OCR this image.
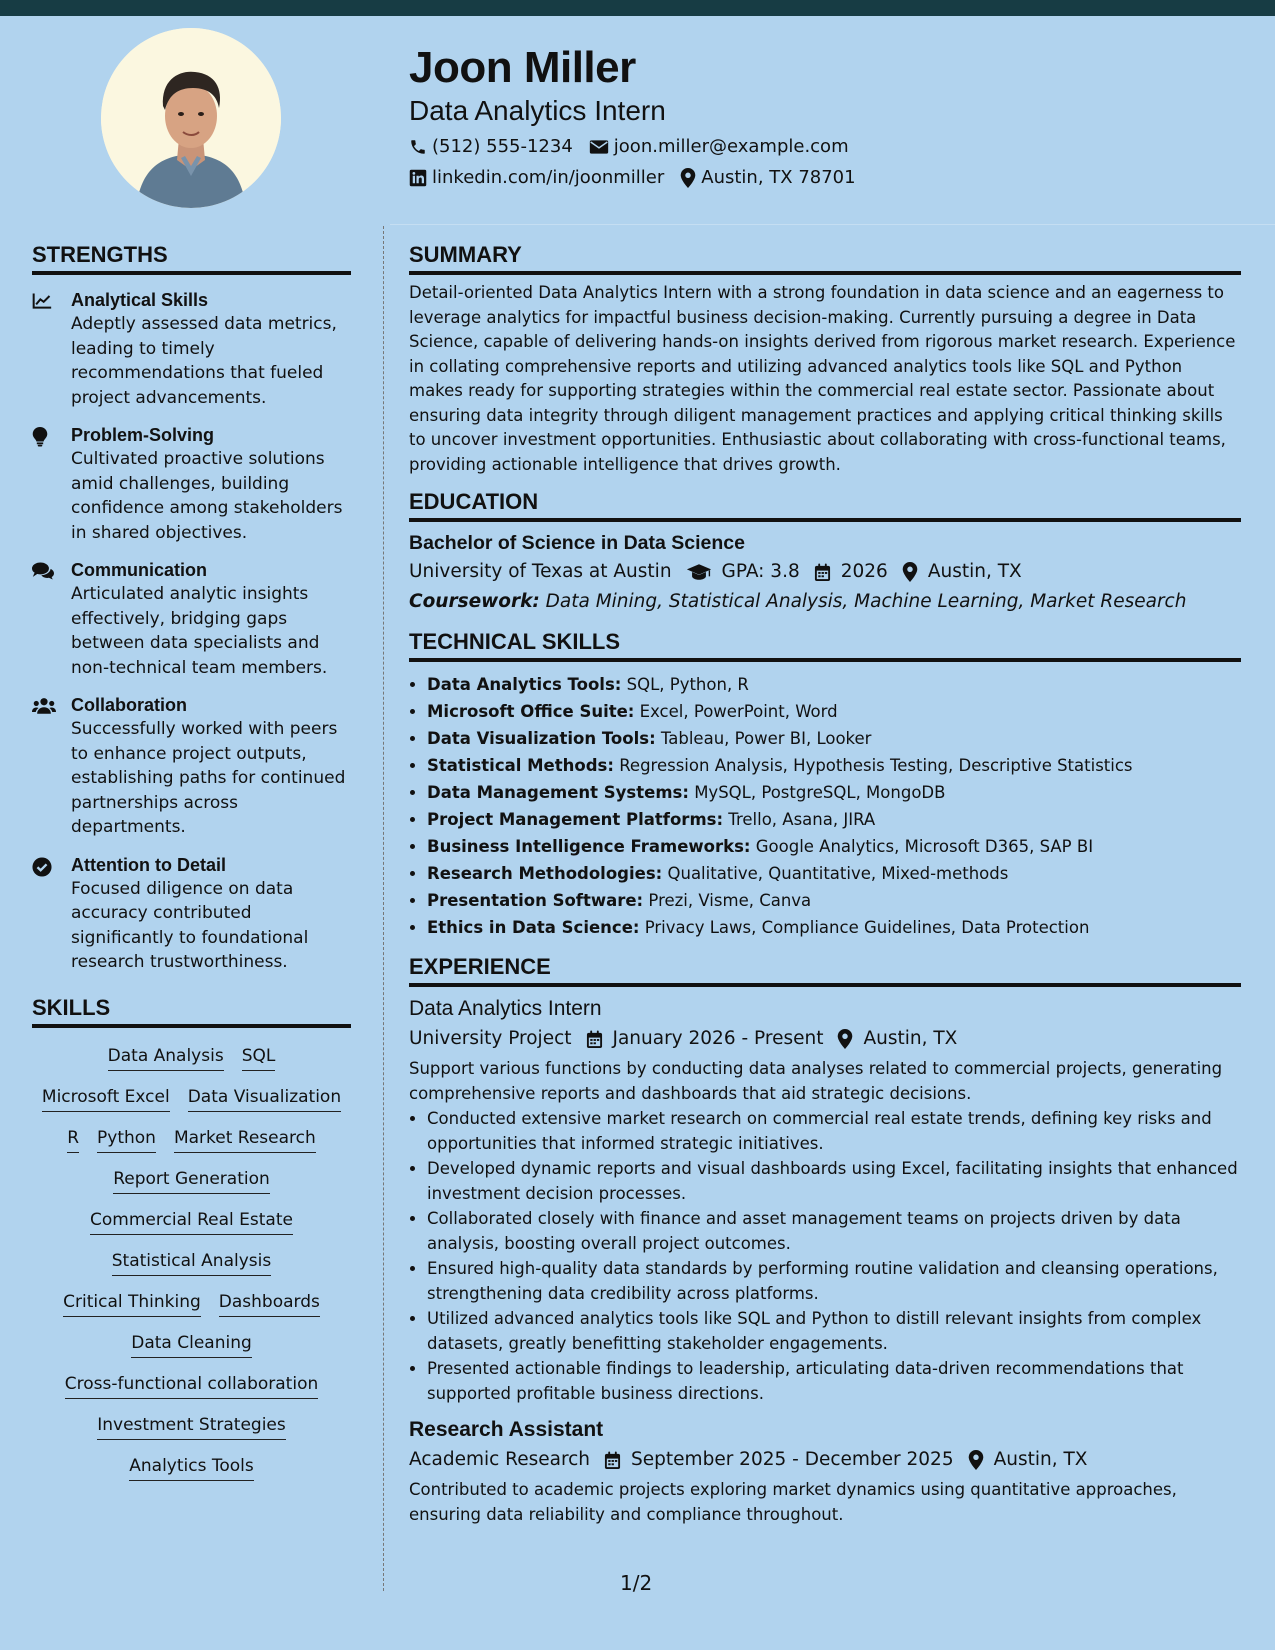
Joon Miller
Data Analytics Intern
(512) 555-1234 joon.miller@example.com
linkedin.com/in/joonmiller Austin, TX 78701
STRENGTHS
Analytical Skills
Adeptly assessed data metrics, leading to timely recommendations that fueled project advancements.
Problem-Solving
Cultivated proactive solutions amid challenges, building confidence among stakeholders in shared objectives.
Communication
Articulated analytic insights effectively, bridging gaps between data specialists and non-technical team members.
Collaboration
Successfully worked with peers to enhance project outputs, establishing paths for continued partnerships across departments.
Attention to Detail
Focused diligence on data accuracy contributed significantly to foundational research trustworthiness.
SKILLS
Data Analysis SQL
Microsoft Excel Data Visualization
R Python Market Research
Report Generation
Commercial Real Estate
Statistical Analysis
Critical Thinking Dashboards
Data Cleaning
Cross-functional collaboration
Investment Strategies
Analytics Tools
SUMMARY
Detail-oriented Data Analytics Intern with a strong foundation in data science and an eagerness to leverage analytics for impactful business decision-making. Currently pursuing a degree in Data Science, capable of delivering hands-on insights derived from rigorous market research. Experience in collating comprehensive reports and utilizing advanced analytics tools like SQL and Python makes ready for supporting strategies within the commercial real estate sector. Passionate about ensuring data integrity through diligent management practices and applying critical thinking skills to uncover investment opportunities. Enthusiastic about collaborating with cross-functional teams, providing actionable intelligence that drives growth.
EDUCATION
Bachelor of Science in Data Science
University of Texas at Austin	GPA: 3.8 2026 Austin, TX
Coursework: Data Mining, Statistical Analysis, Machine Learning, Market Research
TECHNICAL SKILLS
• Data Analytics Tools: SQL, Python, R
• Microsoft Office Suite: Excel, PowerPoint, Word
• Data Visualization Tools: Tableau, Power BI, Looker
• Statistical Methods: Regression Analysis, Hypothesis Testing, Descriptive Statistics
• Data Management Systems: MySQL, PostgreSQL, MongoDB
• Project Management Platforms: Trello, Asana, JIRA
• Business Intelligence Frameworks: Google Analytics, Microsoft D365, SAP BI
• Research Methodologies: Qualitative, Quantitative, Mixed-methods
• Presentation Software: Prezi, Visme, Canva
• Ethics in Data Science: Privacy Laws, Compliance Guidelines, Data Protection
EXPERIENCE
Data Analytics Intern
University Project January 2026 - Present Austin, TX
Support various functions by conducting data analyses related to commercial projects, generating comprehensive reports and dashboards that aid strategic decisions.
• Conducted extensive market research on commercial real estate trends, defining key risks and opportunities that informed strategic initiatives.
• Developed dynamic reports and visual dashboards using Excel, facilitating insights that enhanced investment decision processes.
• Collaborated closely with finance and asset management teams on projects driven by data analysis, boosting overall project outcomes.
• Ensured high-quality data standards by performing routine validation and cleansing operations, strengthening data credibility across platforms.
• Utilized advanced analytics tools like SQL and Python to distill relevant insights from complex datasets, greatly benefitting stakeholder engagements.
• Presented actionable findings to leadership, articulating data-driven recommendations that supported profitable business directions.
Research Assistant
Academic Research September 2025 - December 2025 Austin, TX
Contributed to academic projects exploring market dynamics using quantitative approaches, ensuring data reliability and compliance throughout.
1/2
